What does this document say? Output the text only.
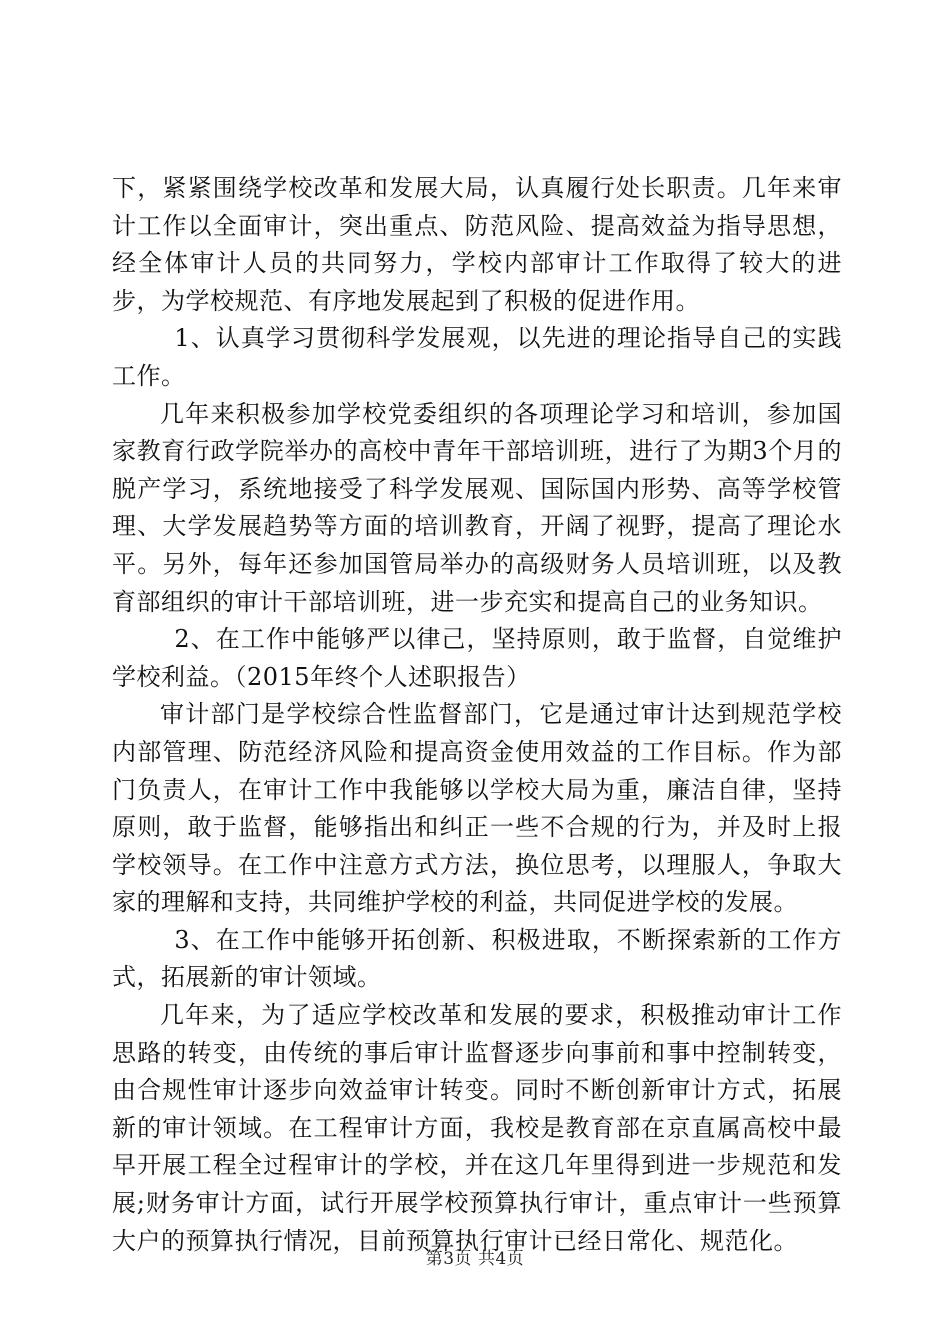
下，紧紧围绕学校改革和发展大局，认真履行处长职责。几年来审计工作以全面审计，突出重点、防范风险、提高效益为指导思想，经全体审计人员的共同努力，学校内部审计工作取得了较大的进步，为学校规范、有序地发展起到了积极的促进作用。

1、认真学习贯彻科学发展观，以先进的理论指导自己的实践工作。

几年来积极参加学校党委组织的各项理论学习和培训，参加国家教育行政学院举办的高校中青年干部培训班，进行了为期3个月的脱产学习，系统地接受了科学发展观、国际国内形势、高等学校管理、大学发展趋势等方面的培训教育，开阔了视野，提高了理论水平。另外，每年还参加国管局举办的高级财务人员培训班，以及教育部组织的审计干部培训班，进一步充实和提高自己的业务知识。

2、在工作中能够严以律己，坚持原则，敢于监督，自觉维护学校利益。（2015年终个人述职报告）

审计部门是学校综合性监督部门，它是通过审计达到规范学校内部管理、防范经济风险和提高资金使用效益的工作目标。作为部门负责人，在审计工作中我能够以学校大局为重，廉洁自律，坚持原则，敢于监督，能够指出和纠正一些不合规的行为，并及时上报学校领导。在工作中注意方式方法，换位思考，以理服人，争取大家的理解和支持，共同维护学校的利益，共同促进学校的发展。

3、在工作中能够开拓创新、积极进取，不断探索新的工作方式，拓展新的审计领域。

几年来，为了适应学校改革和发展的要求，积极推动审计工作思路的转变，由传统的事后审计监督逐步向事前和事中控制转变，由合规性审计逐步向效益审计转变。同时不断创新审计方式，拓展新的审计领域。在工程审计方面，我校是教育部在京直属高校中最早开展工程全过程审计的学校，并在这几年里得到进一步规范和发展;财务审计方面，试行开展学校预算执行审计，重点审计一些预算大户的预算执行情况，目前预算执行审计已经日常化、规范化。

第3页 共4页
